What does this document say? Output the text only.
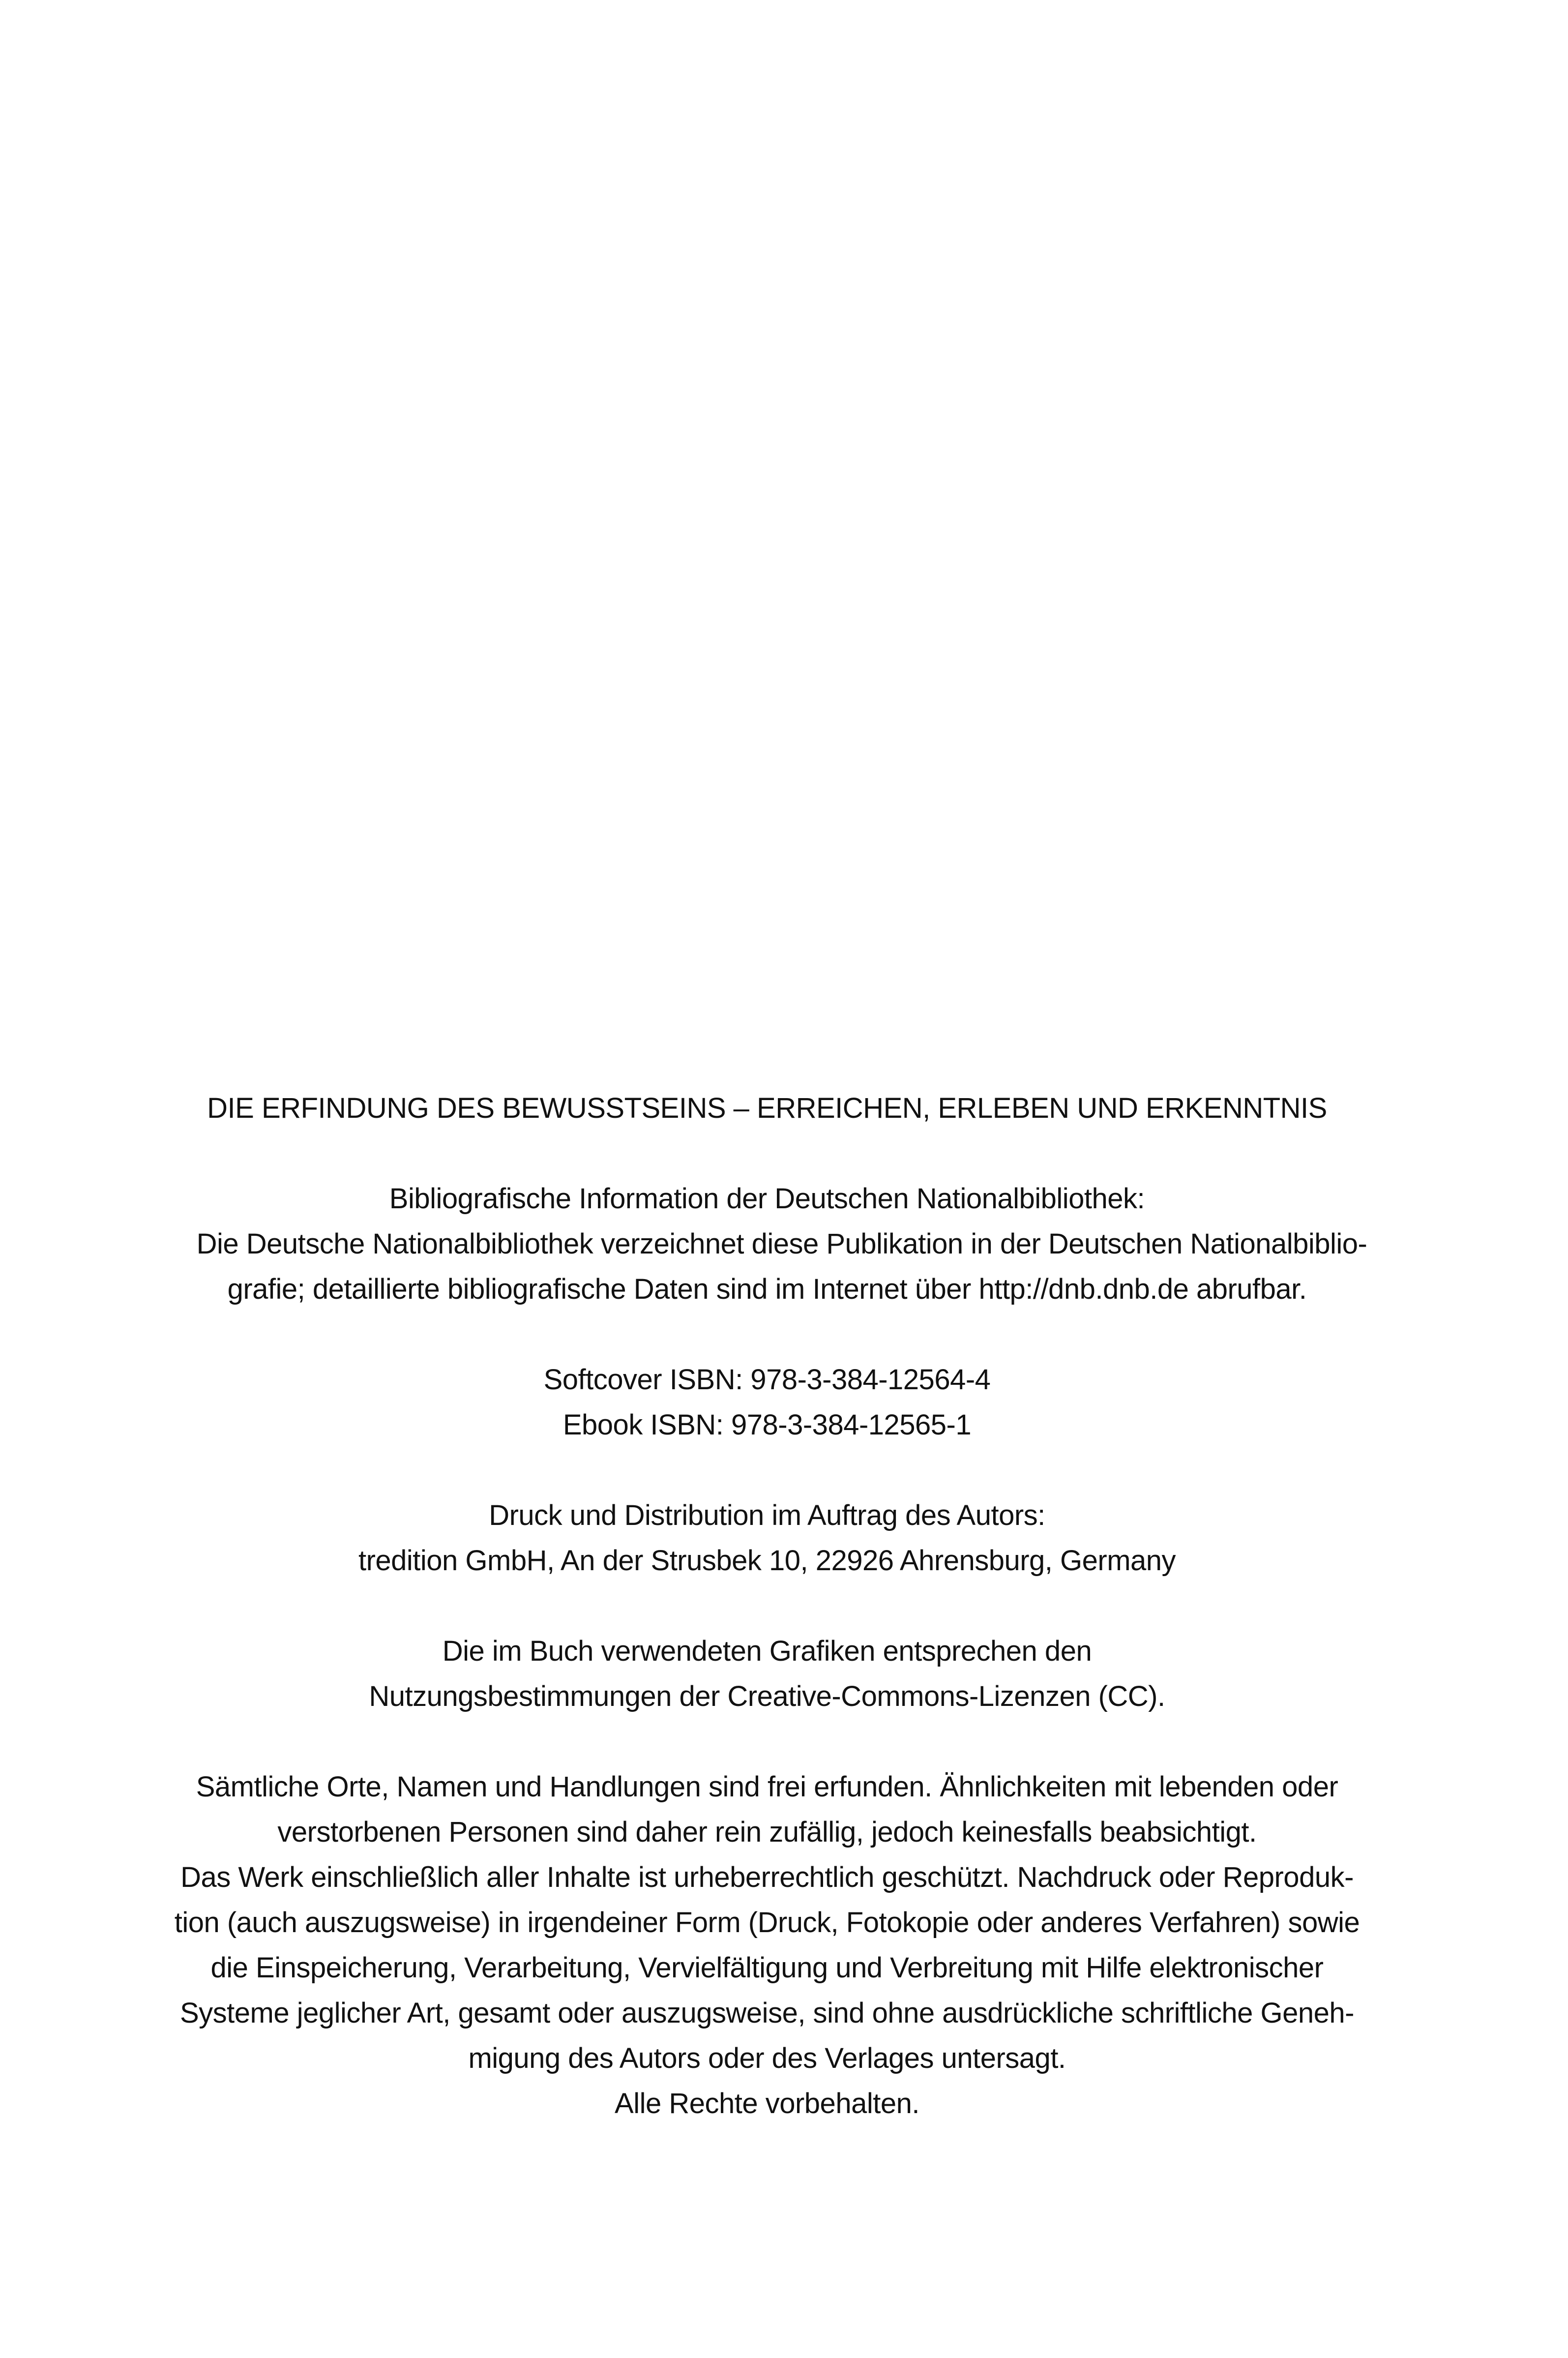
DIE ERFINDUNG DES BEWUSSTSEINS – ERREICHEN, ERLEBEN UND ERKENNTNIS
Bibliografische Information der Deutschen Nationalbibliothek:
Die Deutsche Nationalbibliothek verzeichnet diese Publikation in der Deutschen Nationalbiblio-
grafie; detaillierte bibliografische Daten sind im Internet über http://dnb.dnb.de abrufbar.
Softcover ISBN: 978-3-384-12564-4
Ebook ISBN: 978-3-384-12565-1
Druck und Distribution im Auftrag des Autors:
tredition GmbH, An der Strusbek 10, 22926 Ahrensburg, Germany
Die im Buch verwendeten Grafiken entsprechen den
Nutzungsbestimmungen der Creative-Commons-Lizenzen (CC).
Sämtliche Orte, Namen und Handlungen sind frei erfunden. Ähnlichkeiten mit lebenden oder
verstorbenen Personen sind daher rein zufällig, jedoch keinesfalls beabsichtigt.
Das Werk einschließlich aller Inhalte ist urheberrechtlich geschützt. Nachdruck oder Reproduk-
tion (auch auszugsweise) in irgendeiner Form (Druck, Fotokopie oder anderes Verfahren) sowie
die Einspeicherung, Verarbeitung, Vervielfältigung und Verbreitung mit Hilfe elektronischer
Systeme jeglicher Art, gesamt oder auszugsweise, sind ohne ausdrückliche schriftliche Geneh-
migung des Autors oder des Verlages untersagt.
Alle Rechte vorbehalten.
